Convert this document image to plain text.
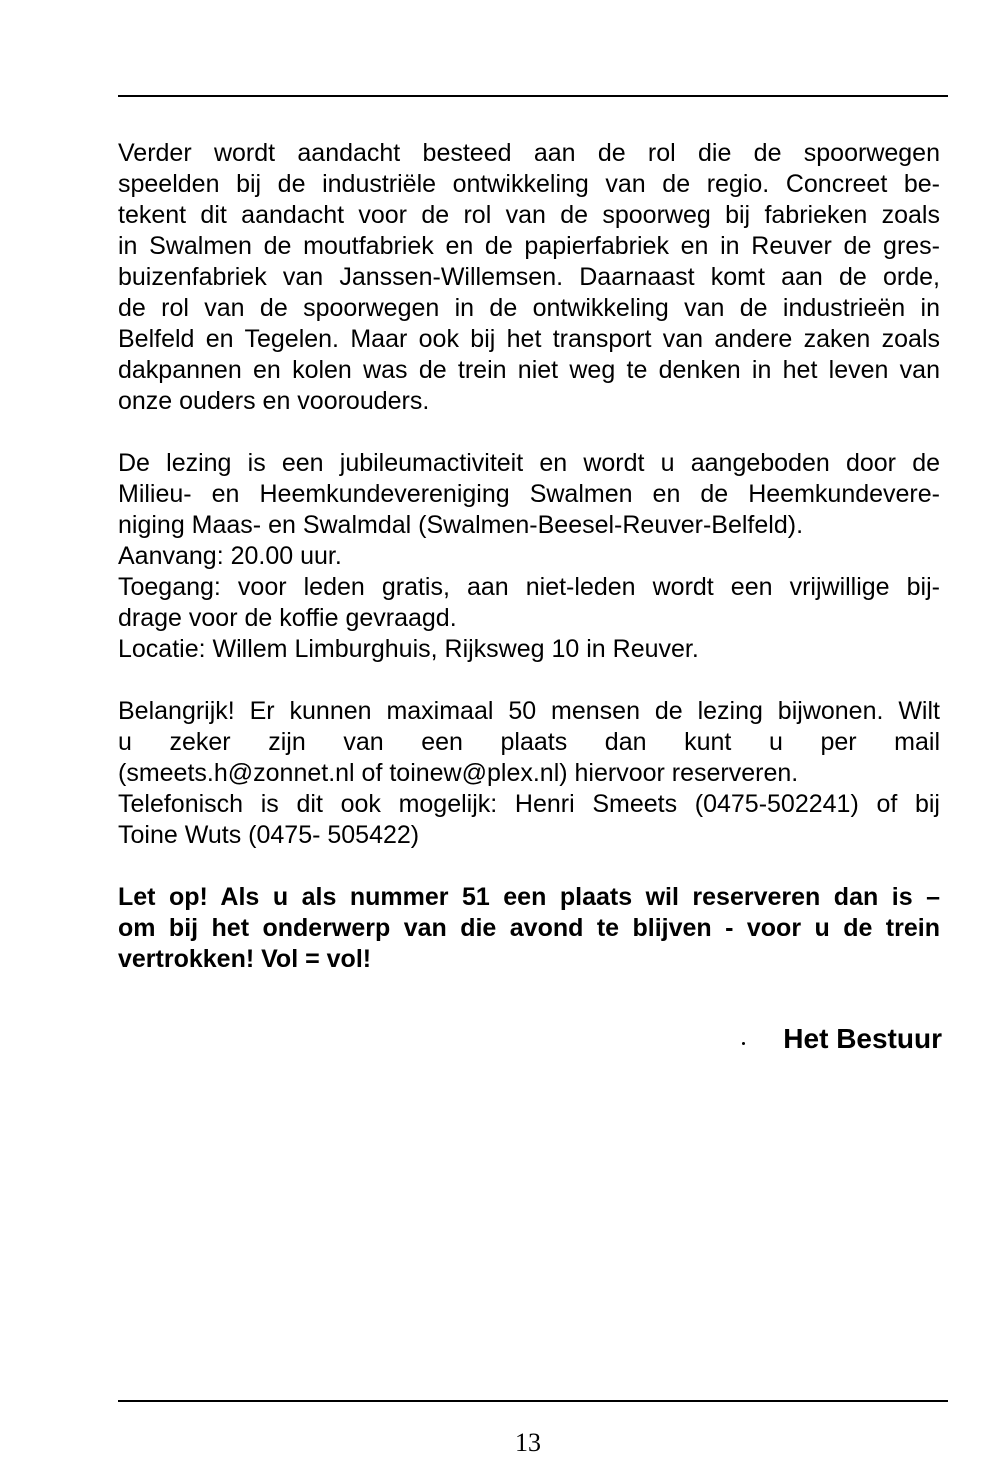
Verder wordt aandacht besteed aan de rol die de spoorwegen
speelden bij de industriële ontwikkeling van de regio. Concreet be-
tekent dit aandacht voor de rol van de spoorweg bij fabrieken zoals
in Swalmen de moutfabriek en de papierfabriek en in Reuver de gres-
buizenfabriek van Janssen-Willemsen. Daarnaast komt aan de orde,
de rol van de spoorwegen in de ontwikkeling van de industrieën in
Belfeld en Tegelen. Maar ook bij het transport van andere zaken zoals
dakpannen en kolen was de trein niet weg te denken in het leven van
onze ouders en voorouders.

De lezing is een jubileumactiviteit en wordt u aangeboden door de
Milieu- en Heemkundevereniging Swalmen en de Heemkundevere-
niging Maas- en Swalmdal (Swalmen-Beesel-Reuver-Belfeld).
Aanvang: 20.00 uur.
Toegang: voor leden gratis, aan niet-leden wordt een vrijwillige bij-
drage voor de koffie gevraagd.
Locatie: Willem Limburghuis, Rijksweg 10 in Reuver.

Belangrijk! Er kunnen maximaal 50 mensen de lezing bijwonen. Wilt
u zeker zijn van een plaats dan kunt u per mail
(smeets.h@zonnet.nl of toinew@plex.nl) hiervoor reserveren.
Telefonisch is dit ook mogelijk: Henri Smeets (0475-502241) of bij
Toine Wuts (0475- 505422)

Let op! Als u als nummer 51 een plaats wil reserveren dan is –
om bij het onderwerp van die avond te blijven - voor u de trein
vertrokken! Vol = vol!

Het Bestuur
13
